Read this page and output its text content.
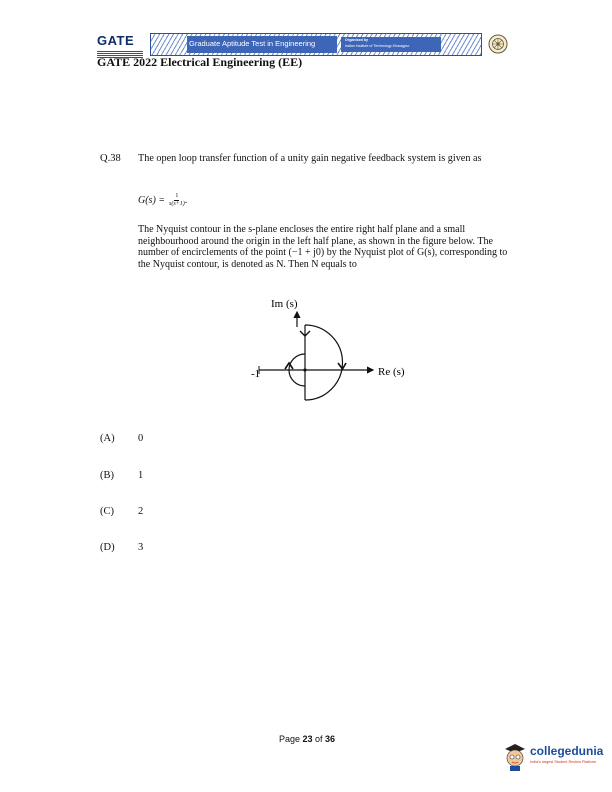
GATE	Graduate Aptitude Test in Engineering	Organised by
Indian Institute of Technology Kharagpur
GATE 2022 Electrical Engineering (EE)
Q.38 The open loop transfer function of a unity gain negative feedback system is given as
$G(s) = \frac{1}{s(s+1)}$ .
The Nyquist contour in the s-plane encloses the entire right half plane and a small neighbourhood around the origin in the left half plane, as shown in the figure below. The number of encirclements of the point (−1 + j0) by the Nyquist plot of G(s), corresponding to the Nyquist contour, is denoted as N. Then N equals to
Im (s)
Re (s)
-1
(A) 0
(B) 1
(C) 2
(D) 3
Page 23 of 36
collegedunia
India's largest Student Review Platform
